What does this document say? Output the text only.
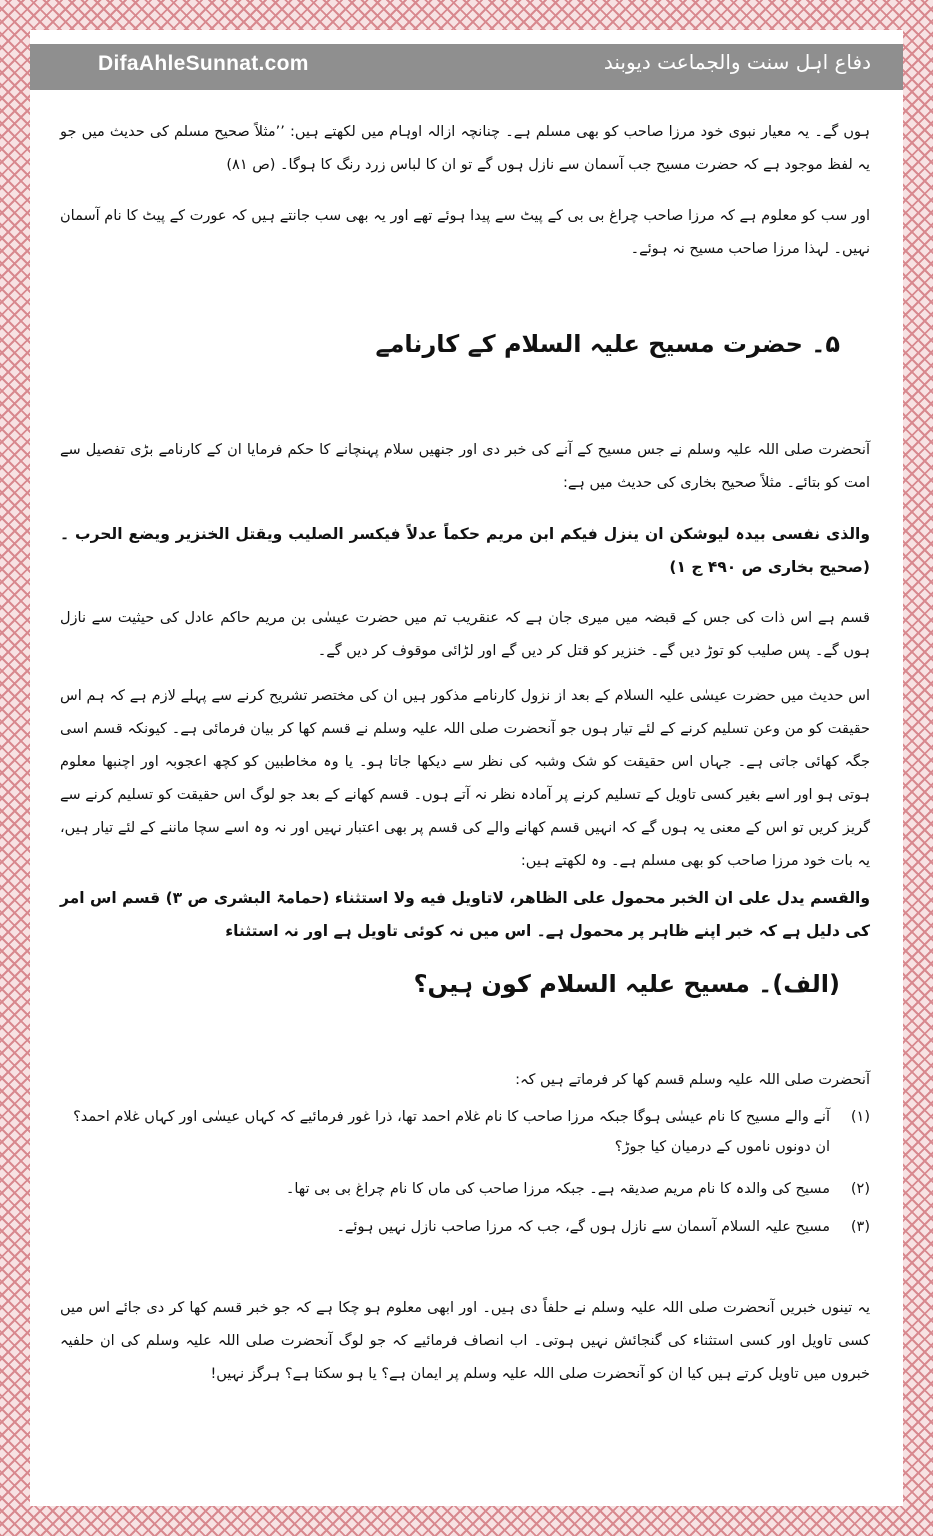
DifaAhleSunnat.com	دفاع اہل سنت والجماعت دیوبند

ہوں گے۔ یہ معیار نبوی خود مرزا صاحب کو بھی مسلم ہے۔ چنانچہ ازالہ اوہام میں لکھتے ہیں: ’’مثلاً صحیح مسلم کی حدیث میں جو یہ لفظ موجود ہے کہ حضرت مسیح جب آسمان سے نازل ہوں گے تو ان کا لباس زرد رنگ کا ہوگا۔ (ص ۸۱)

اور سب کو معلوم ہے کہ مرزا صاحب چراغ بی بی کے پیٹ سے پیدا ہوئے تھے اور یہ بھی سب جانتے ہیں کہ عورت کے پیٹ کا نام آسمان نہیں۔ لہذا مرزا صاحب مسیح نہ ہوئے۔

۵۔ حضرت مسیح علیہ السلام کے کارنامے

آنحضرت صلی اللہ علیہ وسلم نے جس مسیح کے آنے کی خبر دی اور جنھیں سلام پہنچانے کا حکم فرمایا ان کے کارنامے بڑی تفصیل سے امت کو بتائے۔ مثلاً صحیح بخاری کی حدیث میں ہے:

والذی نفسی بیدہ لیوشکن ان ینزل فیکم ابن مریم حکماً عدلاً فیکسر الصلیب ویقتل الخنزیر ویضع الحرب ۔ (صحیح بخاری ص ۴۹۰ ج ۱)

قسم ہے اس ذات کی جس کے قبضہ میں میری جان ہے کہ عنقریب تم میں حضرت عیسٰی بن مریم حاکم عادل کی حیثیت سے نازل ہوں گے۔ پس صلیب کو توڑ دیں گے۔ خنزیر کو قتل کر دیں گے اور لڑائی موقوف کر دیں گے۔

اس حدیث میں حضرت عیسٰی علیہ السلام کے بعد از نزول کارنامے مذکور ہیں ان کی مختصر تشریح کرنے سے پہلے لازم ہے کہ ہم اس حقیقت کو من وعن تسلیم کرنے کے لئے تیار ہوں جو آنحضرت صلی اللہ علیہ وسلم نے قسم کھا کر بیان فرمائی ہے۔ کیونکہ قسم اسی جگہ کھائی جاتی ہے۔ جہاں اس حقیقت کو شک وشبہ کی نظر سے دیکھا جاتا ہو۔ یا وہ مخاطبین کو کچھ اعجوبہ اور اچنبھا معلوم ہوتی ہو اور اسے بغیر کسی تاویل کے تسلیم کرنے پر آمادہ نظر نہ آتے ہوں۔ قسم کھانے کے بعد جو لوگ اس حقیقت کو تسلیم کرنے سے گریز کریں تو اس کے معنی یہ ہوں گے کہ انہیں قسم کھانے والے کی قسم پر بھی اعتبار نہیں اور نہ وہ اسے سچا ماننے کے لئے تیار ہیں، یہ بات خود مرزا صاحب کو بھی مسلم ہے۔ وہ لکھتے ہیں:

والقسم یدل علی ان الخبر محمول علی الظاهر، لاتاویل فیه ولا استثناء (حمامۃ البشری ص ۳) قسم اس امر کی دلیل ہے کہ خبر اپنے ظاہر پر محمول ہے۔ اس میں نہ کوئی تاویل ہے اور نہ استثناء

(الف)۔ مسیح علیہ السلام کون ہیں؟

آنحضرت صلی اللہ علیہ وسلم قسم کھا کر فرماتے ہیں کہ:

(۱)
آنے والے مسیح کا نام عیسٰی ہوگا جبکہ مرزا صاحب کا نام غلام احمد تھا، ذرا غور فرمائیے کہ کہاں عیسٰی اور کہاں غلام احمد؟ ان دونوں ناموں کے درمیان کیا جوڑ؟
(۲)
مسیح کی والدہ کا نام مریم صدیقہ ہے۔ جبکہ مرزا صاحب کی ماں کا نام چراغ بی بی تھا۔
(۳)
مسیح علیہ السلام آسمان سے نازل ہوں گے، جب کہ مرزا صاحب نازل نہیں ہوئے۔

یہ تینوں خبریں آنحضرت صلی اللہ علیہ وسلم نے حلفاً دی ہیں۔ اور ابھی معلوم ہو چکا ہے کہ جو خبر قسم کھا کر دی جائے اس میں کسی تاویل اور کسی استثناء کی گنجائش نہیں ہوتی۔ اب انصاف فرمائیے کہ جو لوگ آنحضرت صلی اللہ علیہ وسلم کی ان حلفیہ خبروں میں تاویل کرتے ہیں کیا ان کو آنحضرت صلی اللہ علیہ وسلم پر ایمان ہے؟ یا ہو سکتا ہے؟ ہرگز نہیں!
